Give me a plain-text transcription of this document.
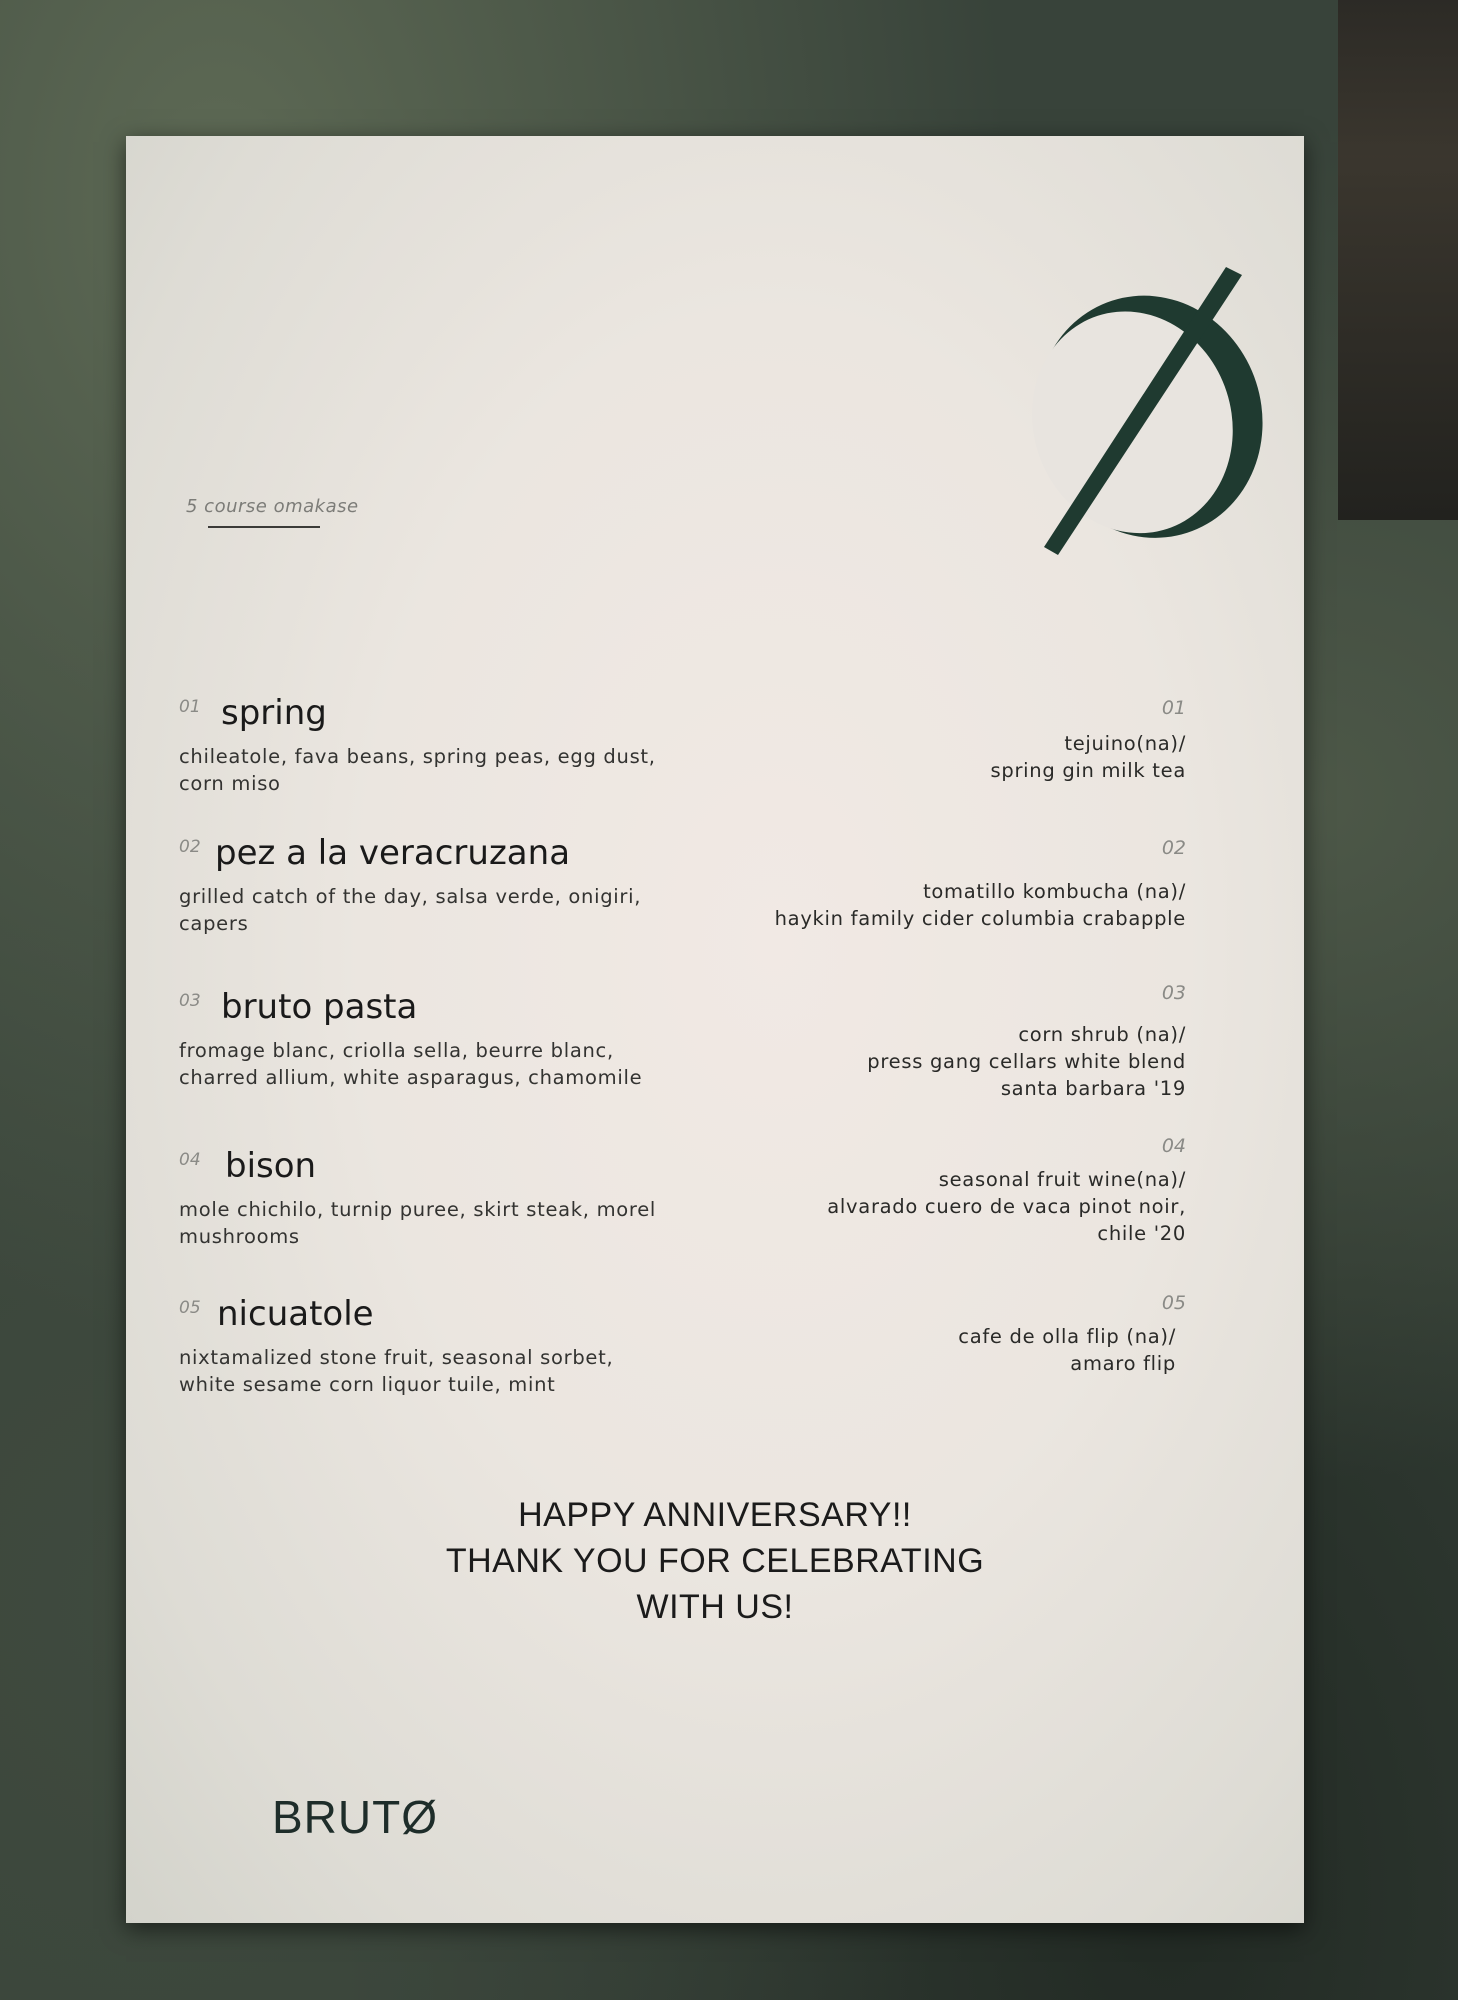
5 course omakase
01 spring
chileatole, fava beans, spring peas, egg dust,
corn miso
02 pez a la veracruzana
grilled catch of the day, salsa verde, onigiri,
capers
03 bruto pasta
fromage blanc, criolla sella, beurre blanc,
charred allium, white asparagus, chamomile
04 bison
mole chichilo, turnip puree, skirt steak, morel
mushrooms
05 nicuatole
nixtamalized stone fruit, seasonal sorbet,
white sesame corn liquor tuile, mint
01
tejuino(na)/
spring gin milk tea
02
tomatillo kombucha (na)/
haykin family cider columbia crabapple
03
corn shrub (na)/
press gang cellars white blend
santa barbara '19
04
seasonal fruit wine(na)/
alvarado cuero de vaca pinot noir,
chile '20
05
cafe de olla flip (na)/
amaro flip
HAPPY ANNIVERSARY!!
THANK YOU FOR CELEBRATING
WITH US!
BRUTØ
